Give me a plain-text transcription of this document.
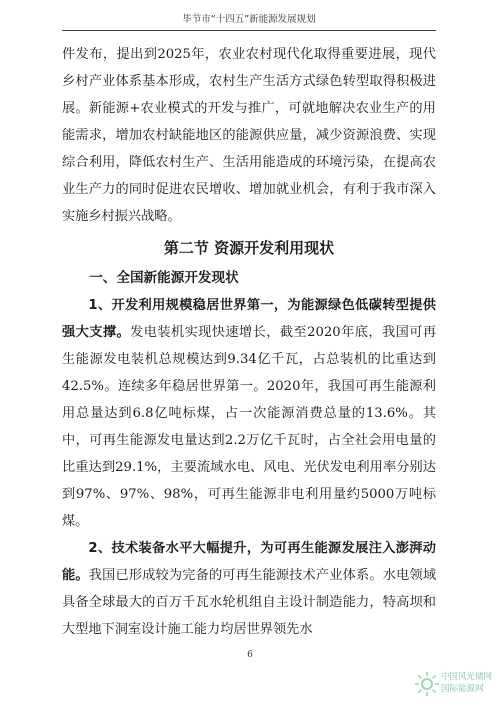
毕节市“十四五”新能源发展规划

件发布，提出到2025年，农业农村现代化取得重要进展，现代乡村产业体系基本形成，农村生产生活方式绿色转型取得积极进展。新能源+农业模式的开发与推广，可就地解决农业生产的用能需求，增加农村缺能地区的能源供应量，减少资源浪费、实现综合利用，降低农村生产、生活用能造成的环境污染，在提高农业生产力的同时促进农民增收、增加就业机会，有利于我市深入实施乡村振兴战略。

第二节 资源开发利用现状
一、全国新能源开发现状

1、开发利用规模稳居世界第一，为能源绿色低碳转型提供强大支撑。发电装机实现快速增长，截至2020年底，我国可再生能源发电装机总规模达到9.34亿千瓦，占总装机的比重达到42.5%。连续多年稳居世界第一。2020年，我国可再生能源利用总量达到6.8亿吨标煤，占一次能源消费总量的13.6%。其中，可再生能源发电量达到2.2万亿千瓦时，占全社会用电量的比重达到29.1%，主要流域水电、风电、光伏发电利用率分别达到97%、97%、98%，可再生能源非电利用量约5000万吨标煤。

2、技术装备水平大幅提升，为可再生能源发展注入澎湃动能。我国已形成较为完备的可再生能源技术产业体系。水电领域具备全球最大的百万千瓦水轮机组自主设计制造能力，特高坝和大型地下洞室设计施工能力均居世界领先水

6
中国风光储网
国际能源网
